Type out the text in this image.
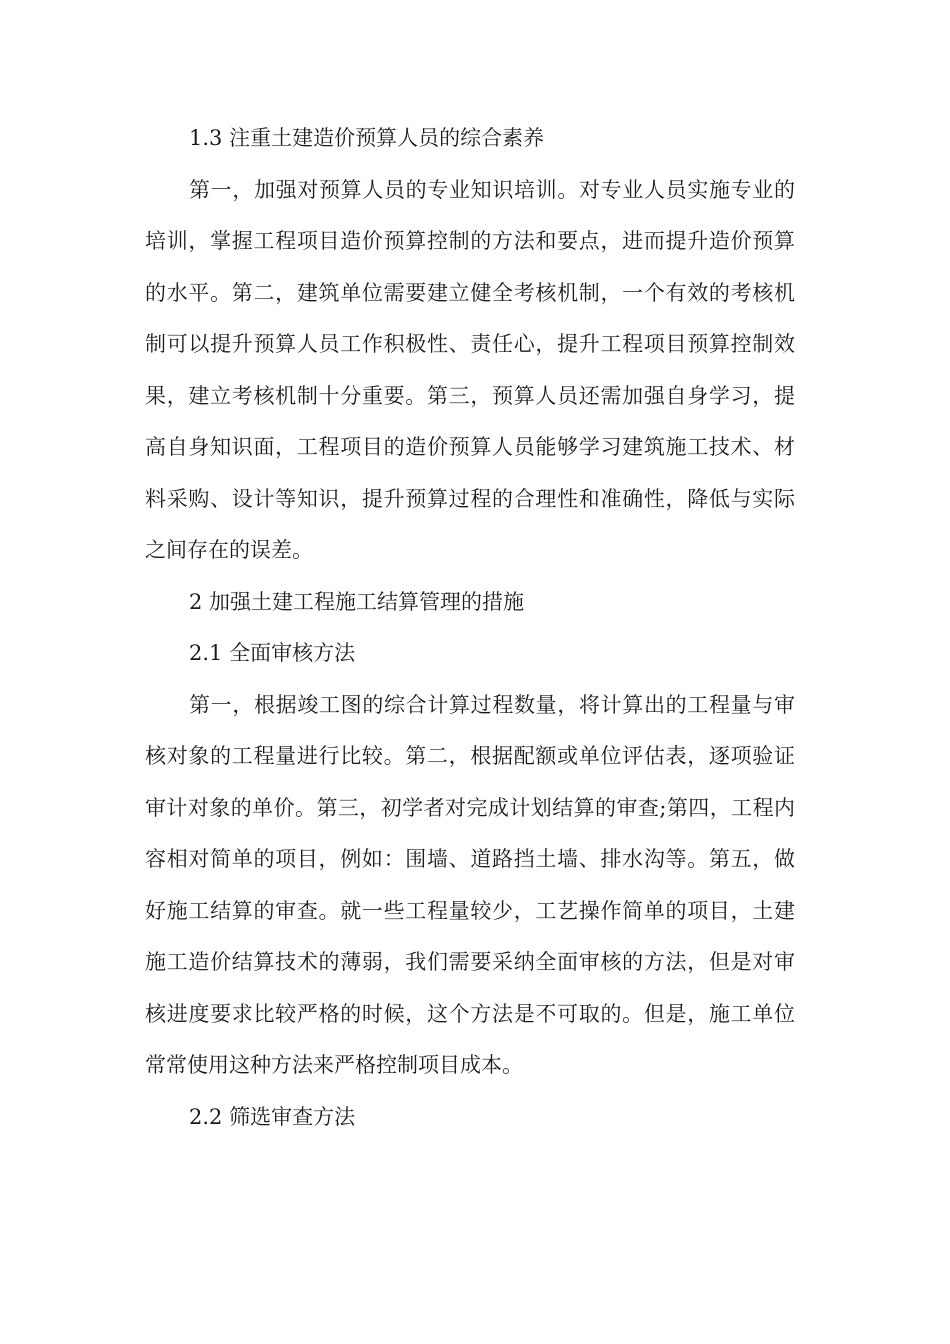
1.3 注重土建造价预算人员的综合素养

第一，加强对预算人员的专业知识培训。对专业人员实施专业的培训，掌握工程项目造价预算控制的方法和要点，进而提升造价预算的水平。第二，建筑单位需要建立健全考核机制，一个有效的考核机制可以提升预算人员工作积极性、责任心，提升工程项目预算控制效果，建立考核机制十分重要。第三，预算人员还需加强自身学习，提高自身知识面，工程项目的造价预算人员能够学习建筑施工技术、材料采购、设计等知识，提升预算过程的合理性和准确性，降低与实际之间存在的误差。

2 加强土建工程施工结算管理的措施

2.1 全面审核方法

第一，根据竣工图的综合计算过程数量，将计算出的工程量与审核对象的工程量进行比较。第二，根据配额或单位评估表，逐项验证审计对象的单价。第三，初学者对完成计划结算的审查;第四，工程内容相对简单的项目，例如：围墙、道路挡土墙、排水沟等。第五，做好施工结算的审查。就一些工程量较少，工艺操作简单的项目，土建施工造价结算技术的薄弱，我们需要采纳全面审核的方法，但是对审核进度要求比较严格的时候，这个方法是不可取的。但是，施工单位常常使用这种方法来严格控制项目成本。

2.2 筛选审查方法
